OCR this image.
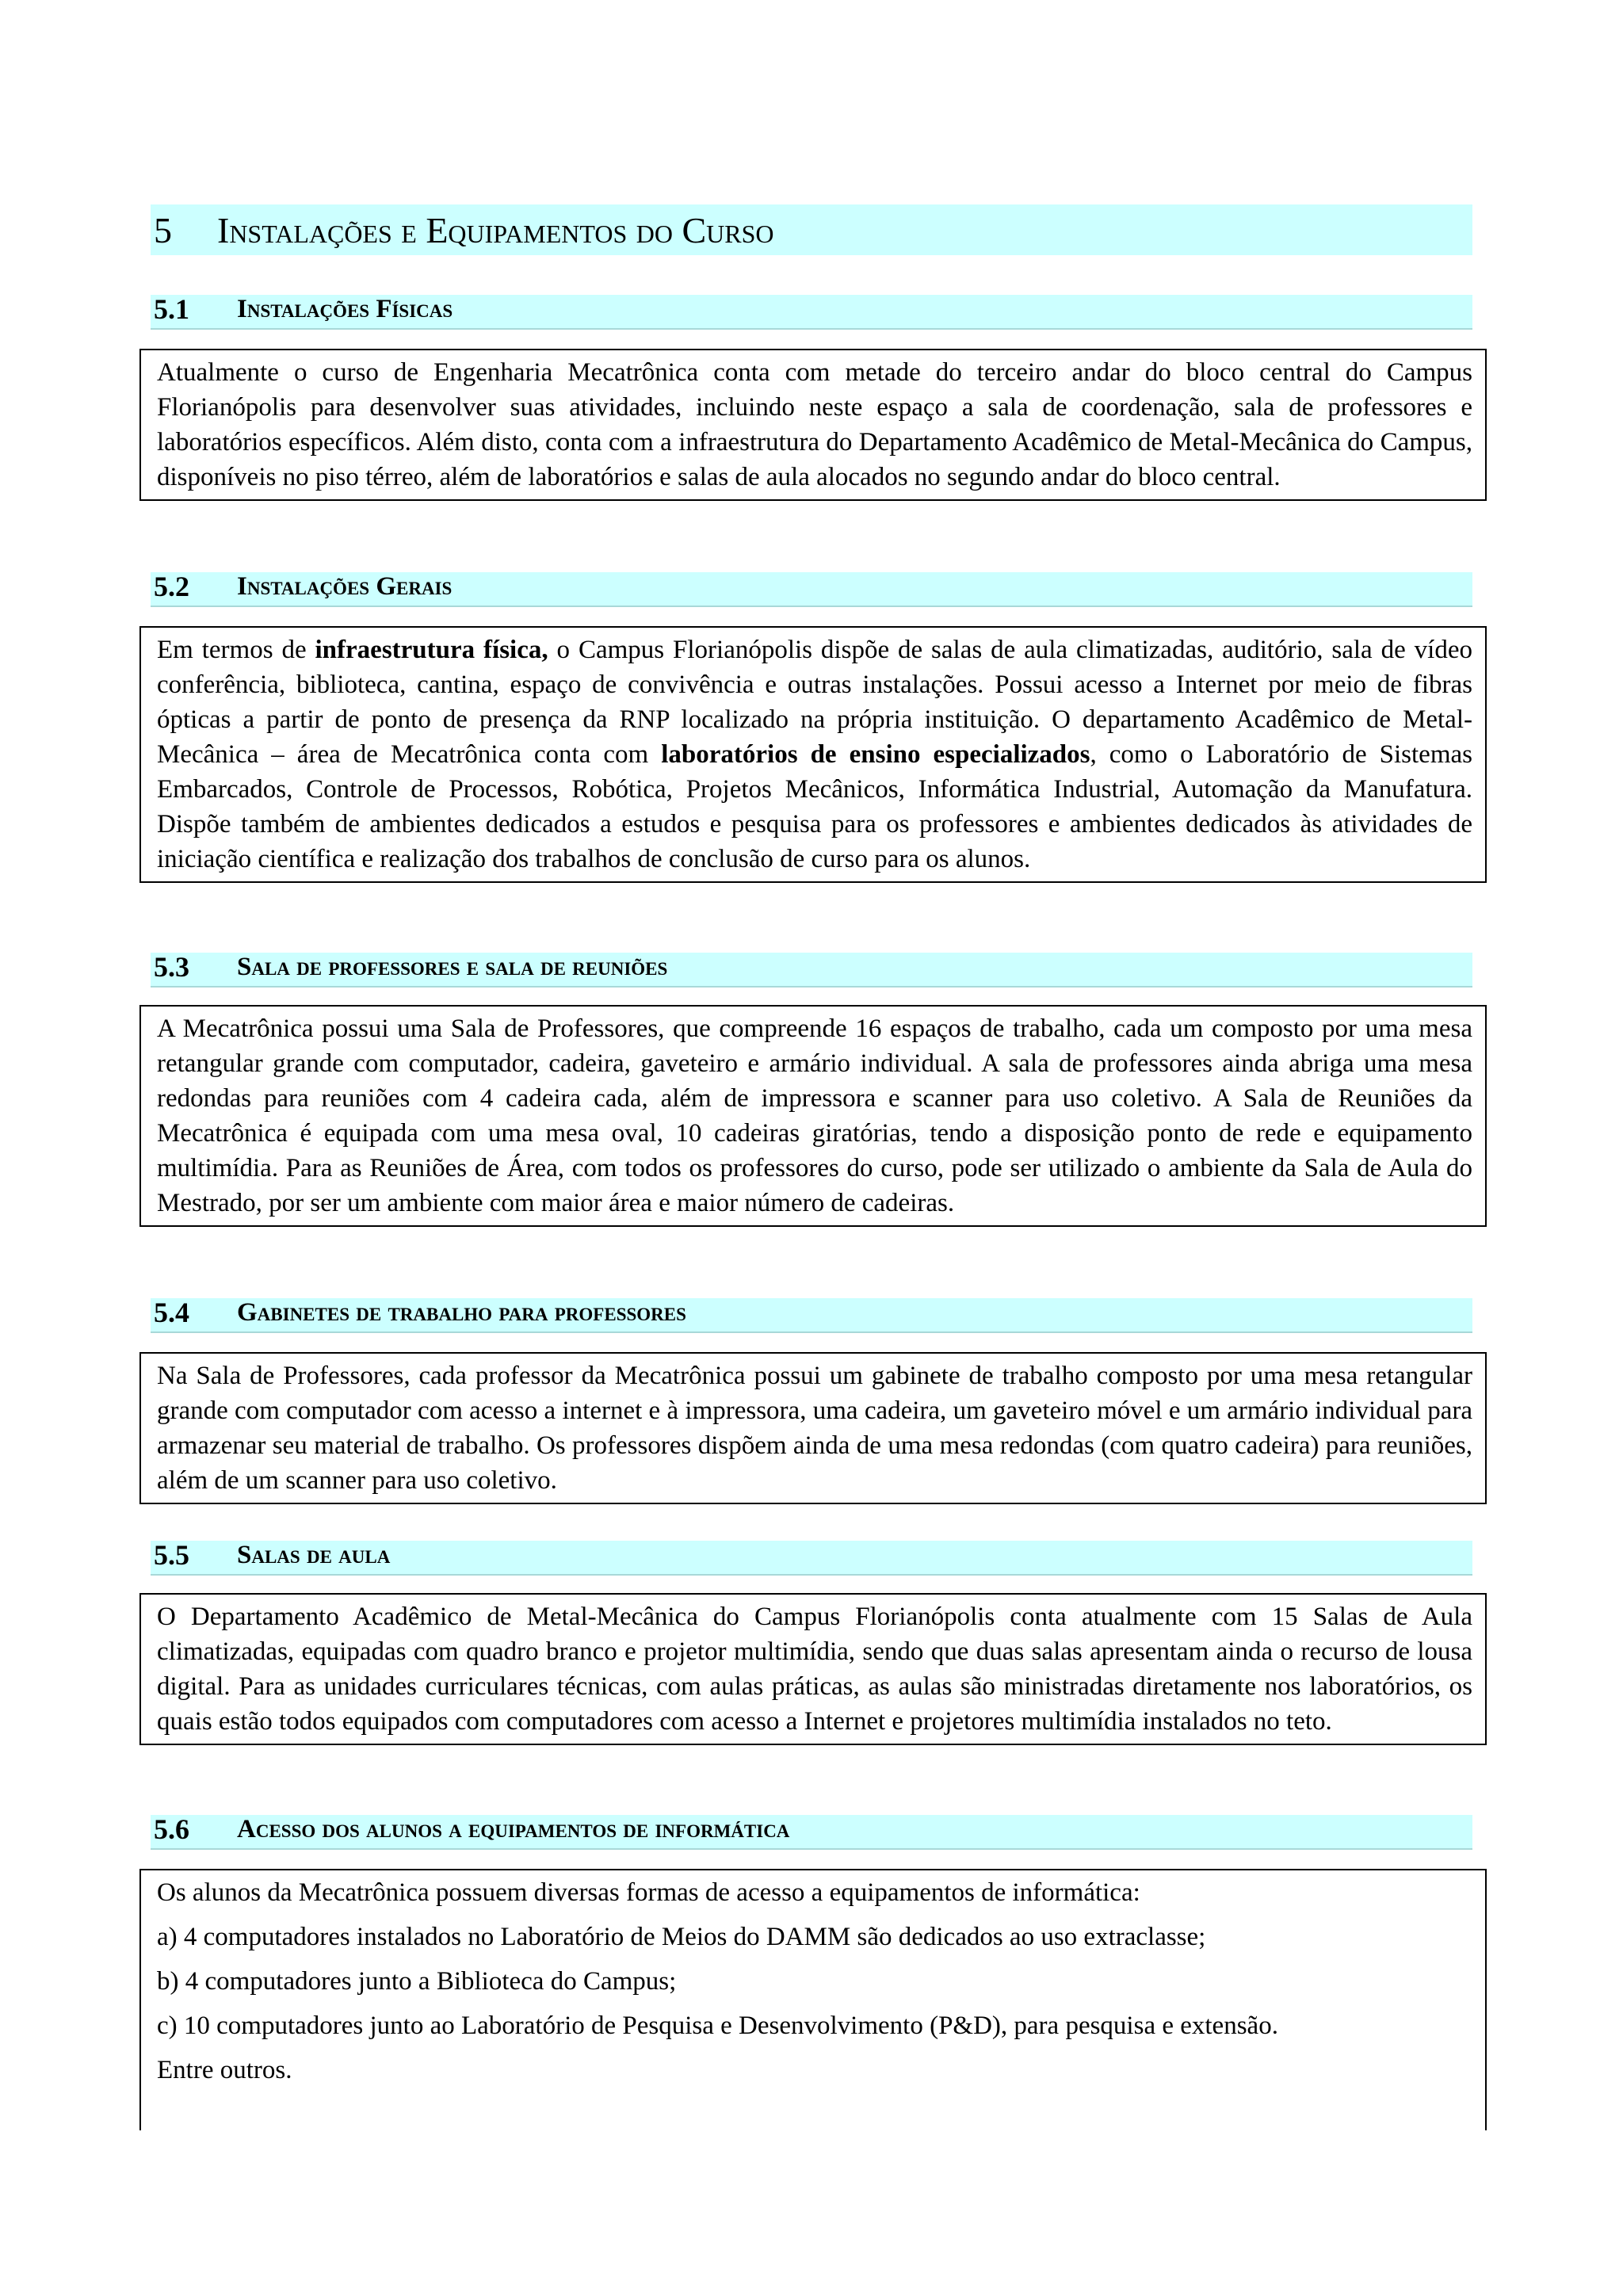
5	Instalações e Equipamentos do Curso
5.1	Instalações Físicas

Atualmente o curso de Engenharia Mecatrônica conta com metade do terceiro andar do bloco central do Campus Florianópolis para desenvolver suas atividades, incluindo neste espaço a sala de coordenação, sala de professores e laboratórios específicos. Além disto, conta com a infraestrutura do Departamento Acadêmico de Metal-Mecânica do Campus, disponíveis no piso térreo, além de laboratórios e salas de aula alocados no segundo andar do bloco central.

5.2	Instalações Gerais

Em termos de infraestrutura física, o Campus Florianópolis dispõe de salas de aula climatizadas, auditório, sala de vídeo conferência, biblioteca, cantina, espaço de convivência e outras instalações. Possui acesso a Internet por meio de fibras ópticas a partir de ponto de presença da RNP localizado na própria instituição. O departamento Acadêmico de Metal-Mecânica – área de Mecatrônica conta com laboratórios de ensino especializados, como o Laboratório de Sistemas Embarcados, Controle de Processos, Robótica, Projetos Mecânicos, Informática Industrial, Automação da Manufatura. Dispõe também de ambientes dedicados a estudos e pesquisa para os professores e ambientes dedicados às atividades de iniciação científica e realização dos trabalhos de conclusão de curso para os alunos.

5.3	Sala de professores e sala de reuniões

A Mecatrônica possui uma Sala de Professores, que compreende 16 espaços de trabalho, cada um composto por uma mesa retangular grande com computador, cadeira, gaveteiro e armário individual. A sala de professores ainda abriga uma mesa redondas para reuniões com 4 cadeira cada, além de impressora e scanner para uso coletivo. A Sala de Reuniões da Mecatrônica é equipada com uma mesa oval, 10 cadeiras giratórias, tendo a disposição ponto de rede e equipamento multimídia. Para as Reuniões de Área, com todos os professores do curso, pode ser utilizado o ambiente da Sala de Aula do Mestrado, por ser um ambiente com maior área e maior número de cadeiras.

5.4	Gabinetes de trabalho para professores

Na Sala de Professores, cada professor da Mecatrônica possui um gabinete de trabalho composto por uma mesa retangular grande com computador com acesso a internet e à impressora, uma cadeira, um gaveteiro móvel e um armário individual para armazenar seu material de trabalho. Os professores dispõem ainda de uma mesa redondas (com quatro cadeira) para reuniões, além de um scanner para uso coletivo.

5.5	Salas de aula

O Departamento Acadêmico de Metal-Mecânica do Campus Florianópolis conta atualmente com 15 Salas de Aula climatizadas, equipadas com quadro branco e projetor multimídia, sendo que duas salas apresentam ainda o recurso de lousa digital. Para as unidades curriculares técnicas, com aulas práticas, as aulas são ministradas diretamente nos laboratórios, os quais estão todos equipados com computadores com acesso a Internet e projetores multimídia instalados no teto.

5.6	Acesso dos alunos a equipamentos de informática

Os alunos da Mecatrônica possuem diversas formas de acesso a equipamentos de informática:

a) 4 computadores instalados no Laboratório de Meios do DAMM são dedicados ao uso extraclasse;

b) 4 computadores junto a Biblioteca do Campus;

c) 10 computadores junto ao Laboratório de Pesquisa e Desenvolvimento (P&D), para pesquisa e extensão.

Entre outros.
